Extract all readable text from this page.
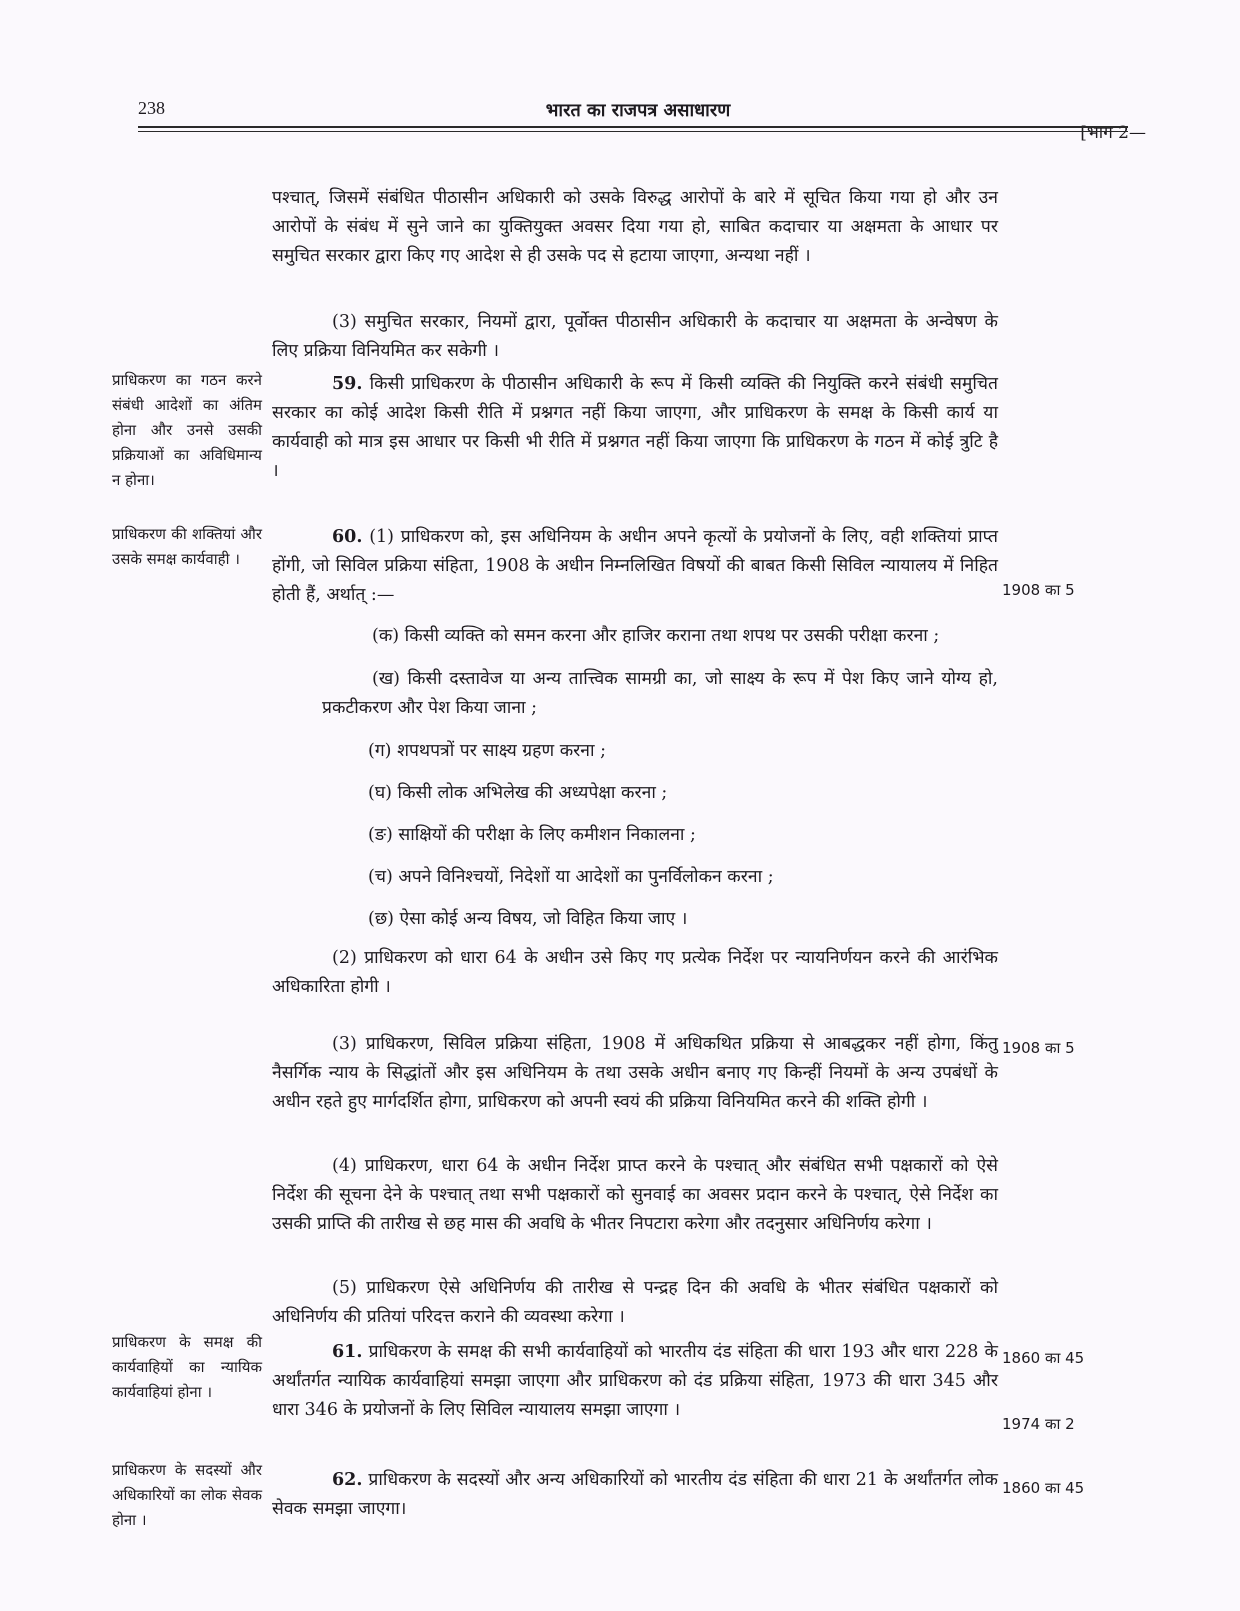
238	भारत का राजपत्र असाधारण
[भाग 2—

पश्चात्, जिसमें संबंधित पीठासीन अधिकारी को उसके विरुद्ध आरोपों के बारे में सूचित किया गया हो और उन आरोपों के संबंध में सुने जाने का युक्तियुक्त अवसर दिया गया हो, साबित कदाचार या अक्षमता के आधार पर समुचित सरकार द्वारा किए गए आदेश से ही उसके पद से हटाया जाएगा, अन्यथा नहीं ।

(3) समुचित सरकार, नियमों द्वारा, पूर्वोक्त पीठासीन अधिकारी के कदाचार या अक्षमता के अन्वेषण के लिए प्रक्रिया विनियमित कर सकेगी ।

प्राधिकरण का गठन करने संबंधी आदेशों का अंतिम होना और उनसे उसकी प्रक्रियाओं का अविधिमान्य न होना।

59. किसी प्राधिकरण के पीठासीन अधिकारी के रूप में किसी व्यक्ति की नियुक्ति करने संबंधी समुचित सरकार का कोई आदेश किसी रीति में प्रश्नगत नहीं किया जाएगा, और प्राधिकरण के समक्ष के किसी कार्य या कार्यवाही को मात्र इस आधार पर किसी भी रीति में प्रश्नगत नहीं किया जाएगा कि प्राधिकरण के गठन में कोई त्रुटि है ।

प्राधिकरण की शक्तियां और उसके समक्ष कार्यवाही ।
1908 का 5

60. (1) प्राधिकरण को, इस अधिनियम के अधीन अपने कृत्यों के प्रयोजनों के लिए, वही शक्तियां प्राप्त होंगी, जो सिविल प्रक्रिया संहिता, 1908 के अधीन निम्नलिखित विषयों की बाबत किसी सिविल न्यायालय में निहित होती हैं, अर्थात् :—

(क) किसी व्यक्ति को समन करना और हाजिर कराना तथा शपथ पर उसकी परीक्षा करना ;

(ख) किसी दस्तावेज या अन्य तात्त्विक सामग्री का, जो साक्ष्य के रूप में पेश किए जाने योग्य हो, प्रकटीकरण और पेश किया जाना ;

(ग) शपथपत्रों पर साक्ष्य ग्रहण करना ;

(घ) किसी लोक अभिलेख की अध्यपेक्षा करना ;

(ङ) साक्षियों की परीक्षा के लिए कमीशन निकालना ;

(च) अपने विनिश्चयों, निदेशों या आदेशों का पुनर्विलोकन करना ;

(छ) ऐसा कोई अन्य विषय, जो विहित किया जाए ।

(2) प्राधिकरण को धारा 64 के अधीन उसे किए गए प्रत्येक निर्देश पर न्यायनिर्णयन करने की आरंभिक अधिकारिता होगी ।

1908 का 5

(3) प्राधिकरण, सिविल प्रक्रिया संहिता, 1908 में अधिकथित प्रक्रिया से आबद्धकर नहीं होगा, किंतु नैसर्गिक न्याय के सिद्धांतों और इस अधिनियम के तथा उसके अधीन बनाए गए किन्हीं नियमों के अन्य उपबंधों के अधीन रहते हुए मार्गदर्शित होगा, प्राधिकरण को अपनी स्वयं की प्रक्रिया विनियमित करने की शक्ति होगी ।

(4) प्राधिकरण, धारा 64 के अधीन निर्देश प्राप्त करने के पश्चात् और संबंधित सभी पक्षकारों को ऐसे निर्देश की सूचना देने के पश्चात् तथा सभी पक्षकारों को सुनवाई का अवसर प्रदान करने के पश्चात्, ऐसे निर्देश का उसकी प्राप्ति की तारीख से छह मास की अवधि के भीतर निपटारा करेगा और तदनुसार अधिनिर्णय करेगा ।

(5) प्राधिकरण ऐसे अधिनिर्णय की तारीख से पन्द्रह दिन की अवधि के भीतर संबंधित पक्षकारों को अधिनिर्णय की प्रतियां परिदत्त कराने की व्यवस्था करेगा ।

प्राधिकरण के समक्ष की कार्यवाहियों का न्यायिक कार्यवाहियां होना ।
1860 का 45
1974 का 2

61. प्राधिकरण के समक्ष की सभी कार्यवाहियों को भारतीय दंड संहिता की धारा 193 और धारा 228 के अर्थांतर्गत न्यायिक कार्यवाहियां समझा जाएगा और प्राधिकरण को दंड प्रक्रिया संहिता, 1973 की धारा 345 और धारा 346 के प्रयोजनों के लिए सिविल न्यायालय समझा जाएगा ।

प्राधिकरण के सदस्यों और अधिकारियों का लोक सेवक होना ।
1860 का 45

62. प्राधिकरण के सदस्यों और अन्य अधिकारियों को भारतीय दंड संहिता की धारा 21 के अर्थांतर्गत लोक सेवक समझा जाएगा।
